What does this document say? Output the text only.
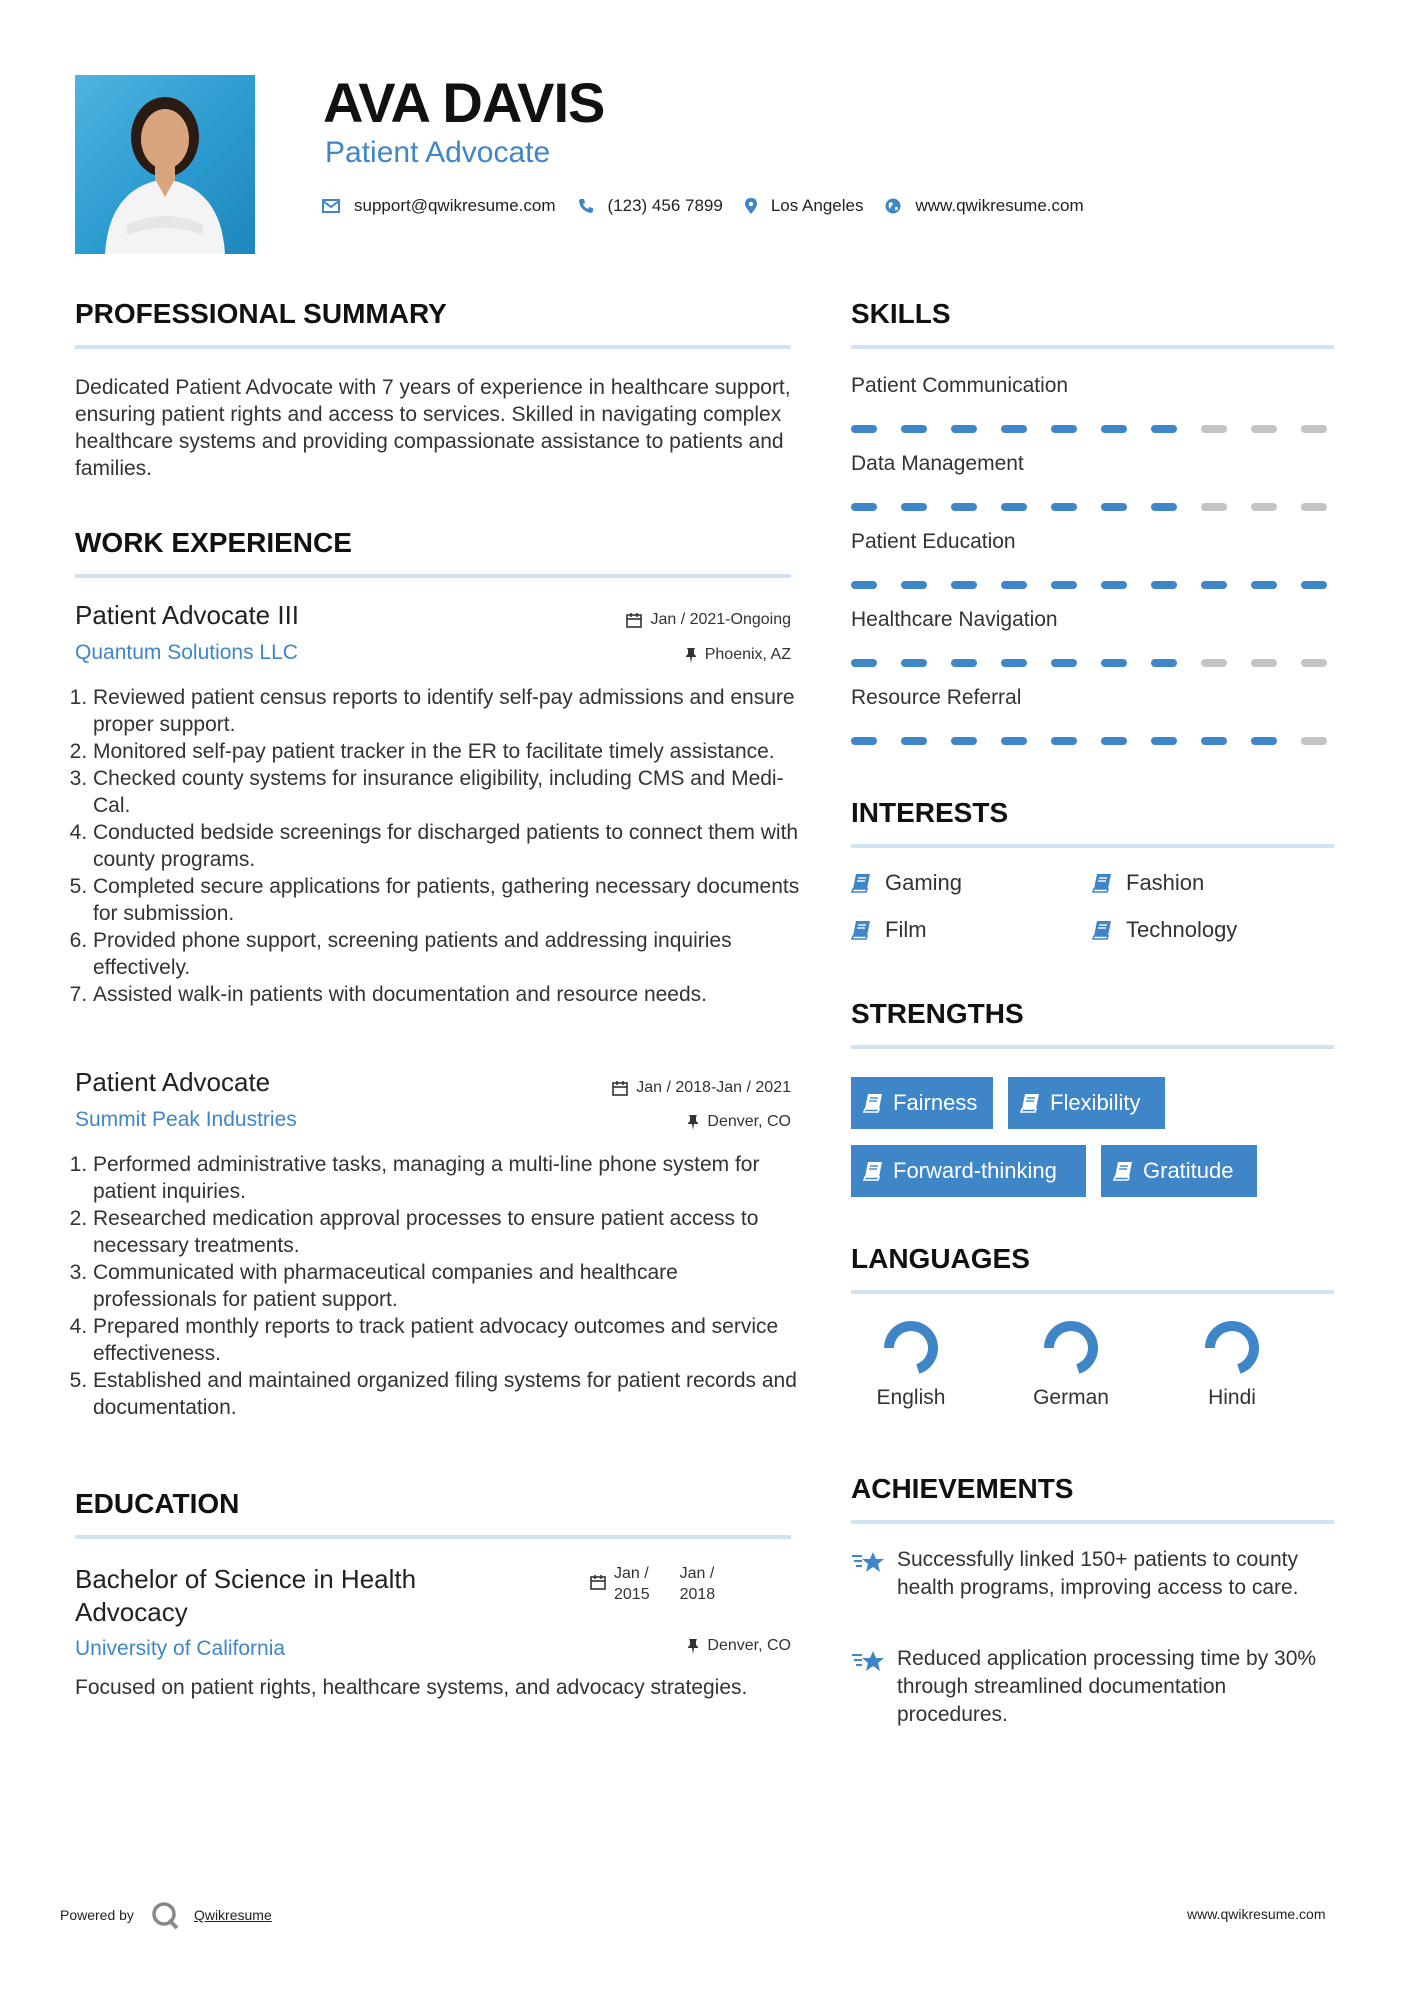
AVA DAVIS
Patient Advocate
support@qwikresume.com	(123) 456 7899	Los Angeles	www.qwikresume.com
PROFESSIONAL SUMMARY
Dedicated Patient Advocate with 7 years of experience in healthcare support, ensuring patient rights and access to services. Skilled in navigating complex healthcare systems and providing compassionate assistance to patients and families.
WORK EXPERIENCE
Patient Advocate III	Jan / 2021-Ongoing
Quantum Solutions LLC	Phoenix, AZ
1. Reviewed patient census reports to identify self-pay admissions and ensure proper support.
2. Monitored self-pay patient tracker in the ER to facilitate timely assistance.
3. Checked county systems for insurance eligibility, including CMS and Medi-Cal.
4. Conducted bedside screenings for discharged patients to connect them with county programs.
5. Completed secure applications for patients, gathering necessary documents for submission.
6. Provided phone support, screening patients and addressing inquiries effectively.
7. Assisted walk-in patients with documentation and resource needs.
Patient Advocate	Jan / 2018-Jan / 2021
Summit Peak Industries	Denver, CO
1. Performed administrative tasks, managing a multi-line phone system for patient inquiries.
2. Researched medication approval processes to ensure patient access to necessary treatments.
3. Communicated with pharmaceutical companies and healthcare professionals for patient support.
4. Prepared monthly reports to track patient advocacy outcomes and service effectiveness.
5. Established and maintained organized filing systems for patient records and documentation.
EDUCATION
Bachelor of Science in Health Advocacy
Jan /
2015
Jan /
2018
University of California	Denver, CO
Focused on patient rights, healthcare systems, and advocacy strategies.
SKILLS
Patient Communication
Data Management
Patient Education
Healthcare Navigation
Resource Referral
INTERESTS
Gaming	Fashion
Film	Technology
STRENGTHS
Fairness	Flexibility
Forward-thinking	Gratitude
LANGUAGES
English	German	Hindi
ACHIEVEMENTS
Successfully linked 150+ patients to county health programs, improving access to care.
Reduced application processing time by 30% through streamlined documentation procedures.
Powered by	Qwikresume	www.qwikresume.com
